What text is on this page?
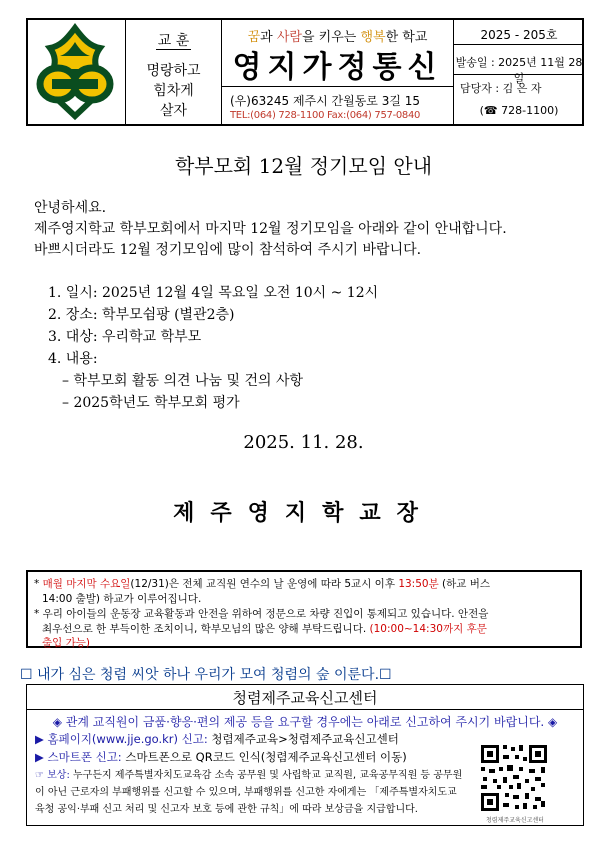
교 훈
명랑하고
힘차게
살자
꿈과 사람을 키우는 행복한 학교
영지가정통신
(우)63245 제주시 간월동로 3길 15
TEL:(064) 728-1100 Fax:(064) 757-0840
2025 - 205호
발송일 : 2025년 11월 28일
담당자 : 김 은 자
(☎ 728-1100)
학부모회 12월 정기모임 안내
안녕하세요.
제주영지학교 학부모회에서 마지막 12월 정기모임을 아래와 같이 안내합니다.
바쁘시더라도 12월 정기모임에 많이 참석하여 주시기 바랍니다.
1. 일시: 2025년 12월 4일 목요일 오전 10시 ~ 12시
2. 장소: 학부모쉼팡 (별관2층)
3. 대상: 우리학교 학부모
4. 내용:
– 학부모회 활동 의견 나눔 및 건의 사항
– 2025학년도 학부모회 평가
2025. 11. 28.
제주영지학교장
* 매월 마지막 수요일(12/31)은 전체 교직원 연수의 날 운영에 따라 5교시 이후 13:50분 (하교 버스
14:00 출발) 하교가 이루어집니다.
* 우리 아이들의 운동장 교육활동과 안전을 위하여 정문으로 차량 진입이 통제되고 있습니다. 안전을
최우선으로 한 부득이한 조치이니, 학부모님의 많은 양해 부탁드립니다. (10:00~14:30까지 후문
출입 가능)
☐ 내가 심은 청렴 씨앗 하나 우리가 모여 청렴의 숲 이룬다.☐
청렴제주교육신고센터
◈ 관계 교직원이 금품·향응·편의 제공 등을 요구할 경우에는 아래로 신고하여 주시기 바랍니다. ◈
▶ 홈페이지(www.jje.go.kr) 신고: 청렴제주교육>청렴제주교육신고센터
▶ 스마트폰 신고: 스마트폰으로 QR코드 인식(청렴제주교육신고센터 이동)
☞ 보상: 누구든지 제주특별자치도교육감 소속 공무원 및 사립학교 교직원, 교육공무직원 등 공무원이 아닌 근로자의 부패행위를 신고할 수 있으며, 부패행위를 신고한 자에게는 「제주특별자치도교육청 공익·부패 신고 처리 및 신고자 보호 등에 관한 규칙」에 따라 보상금을 지급합니다.
청렴제주교육신고센터
